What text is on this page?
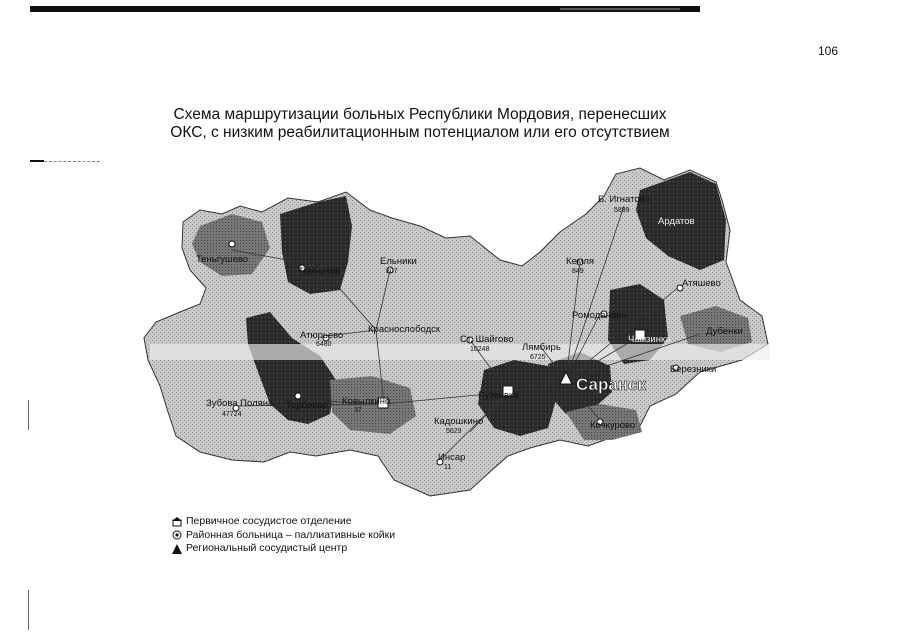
106
Схема маршрутизации больных Республики Мордовия, перенесших
ОКС, с низким реабилитационным потенциалом или его отсутствием
Теньгушево
Темников
Ельники
307
Атюрьево
6480
Краснослободск
Зубова Поляна
47724
Торбеево Ковылкино
37
Кадошкино
5629
Инсар
11
Рузаевка
Ст. Шайгово
10248	Лямбирь
6725
Ромоданово
Кемля
849
Б. Игнатово
5899
Ардатов
Атяшево
Чамзинка
Дубенки
Березники
Кочкурово
Саранск
Первичное сосудистое отделение
Районная больница – паллиативные койки
Региональный сосудистый центр
